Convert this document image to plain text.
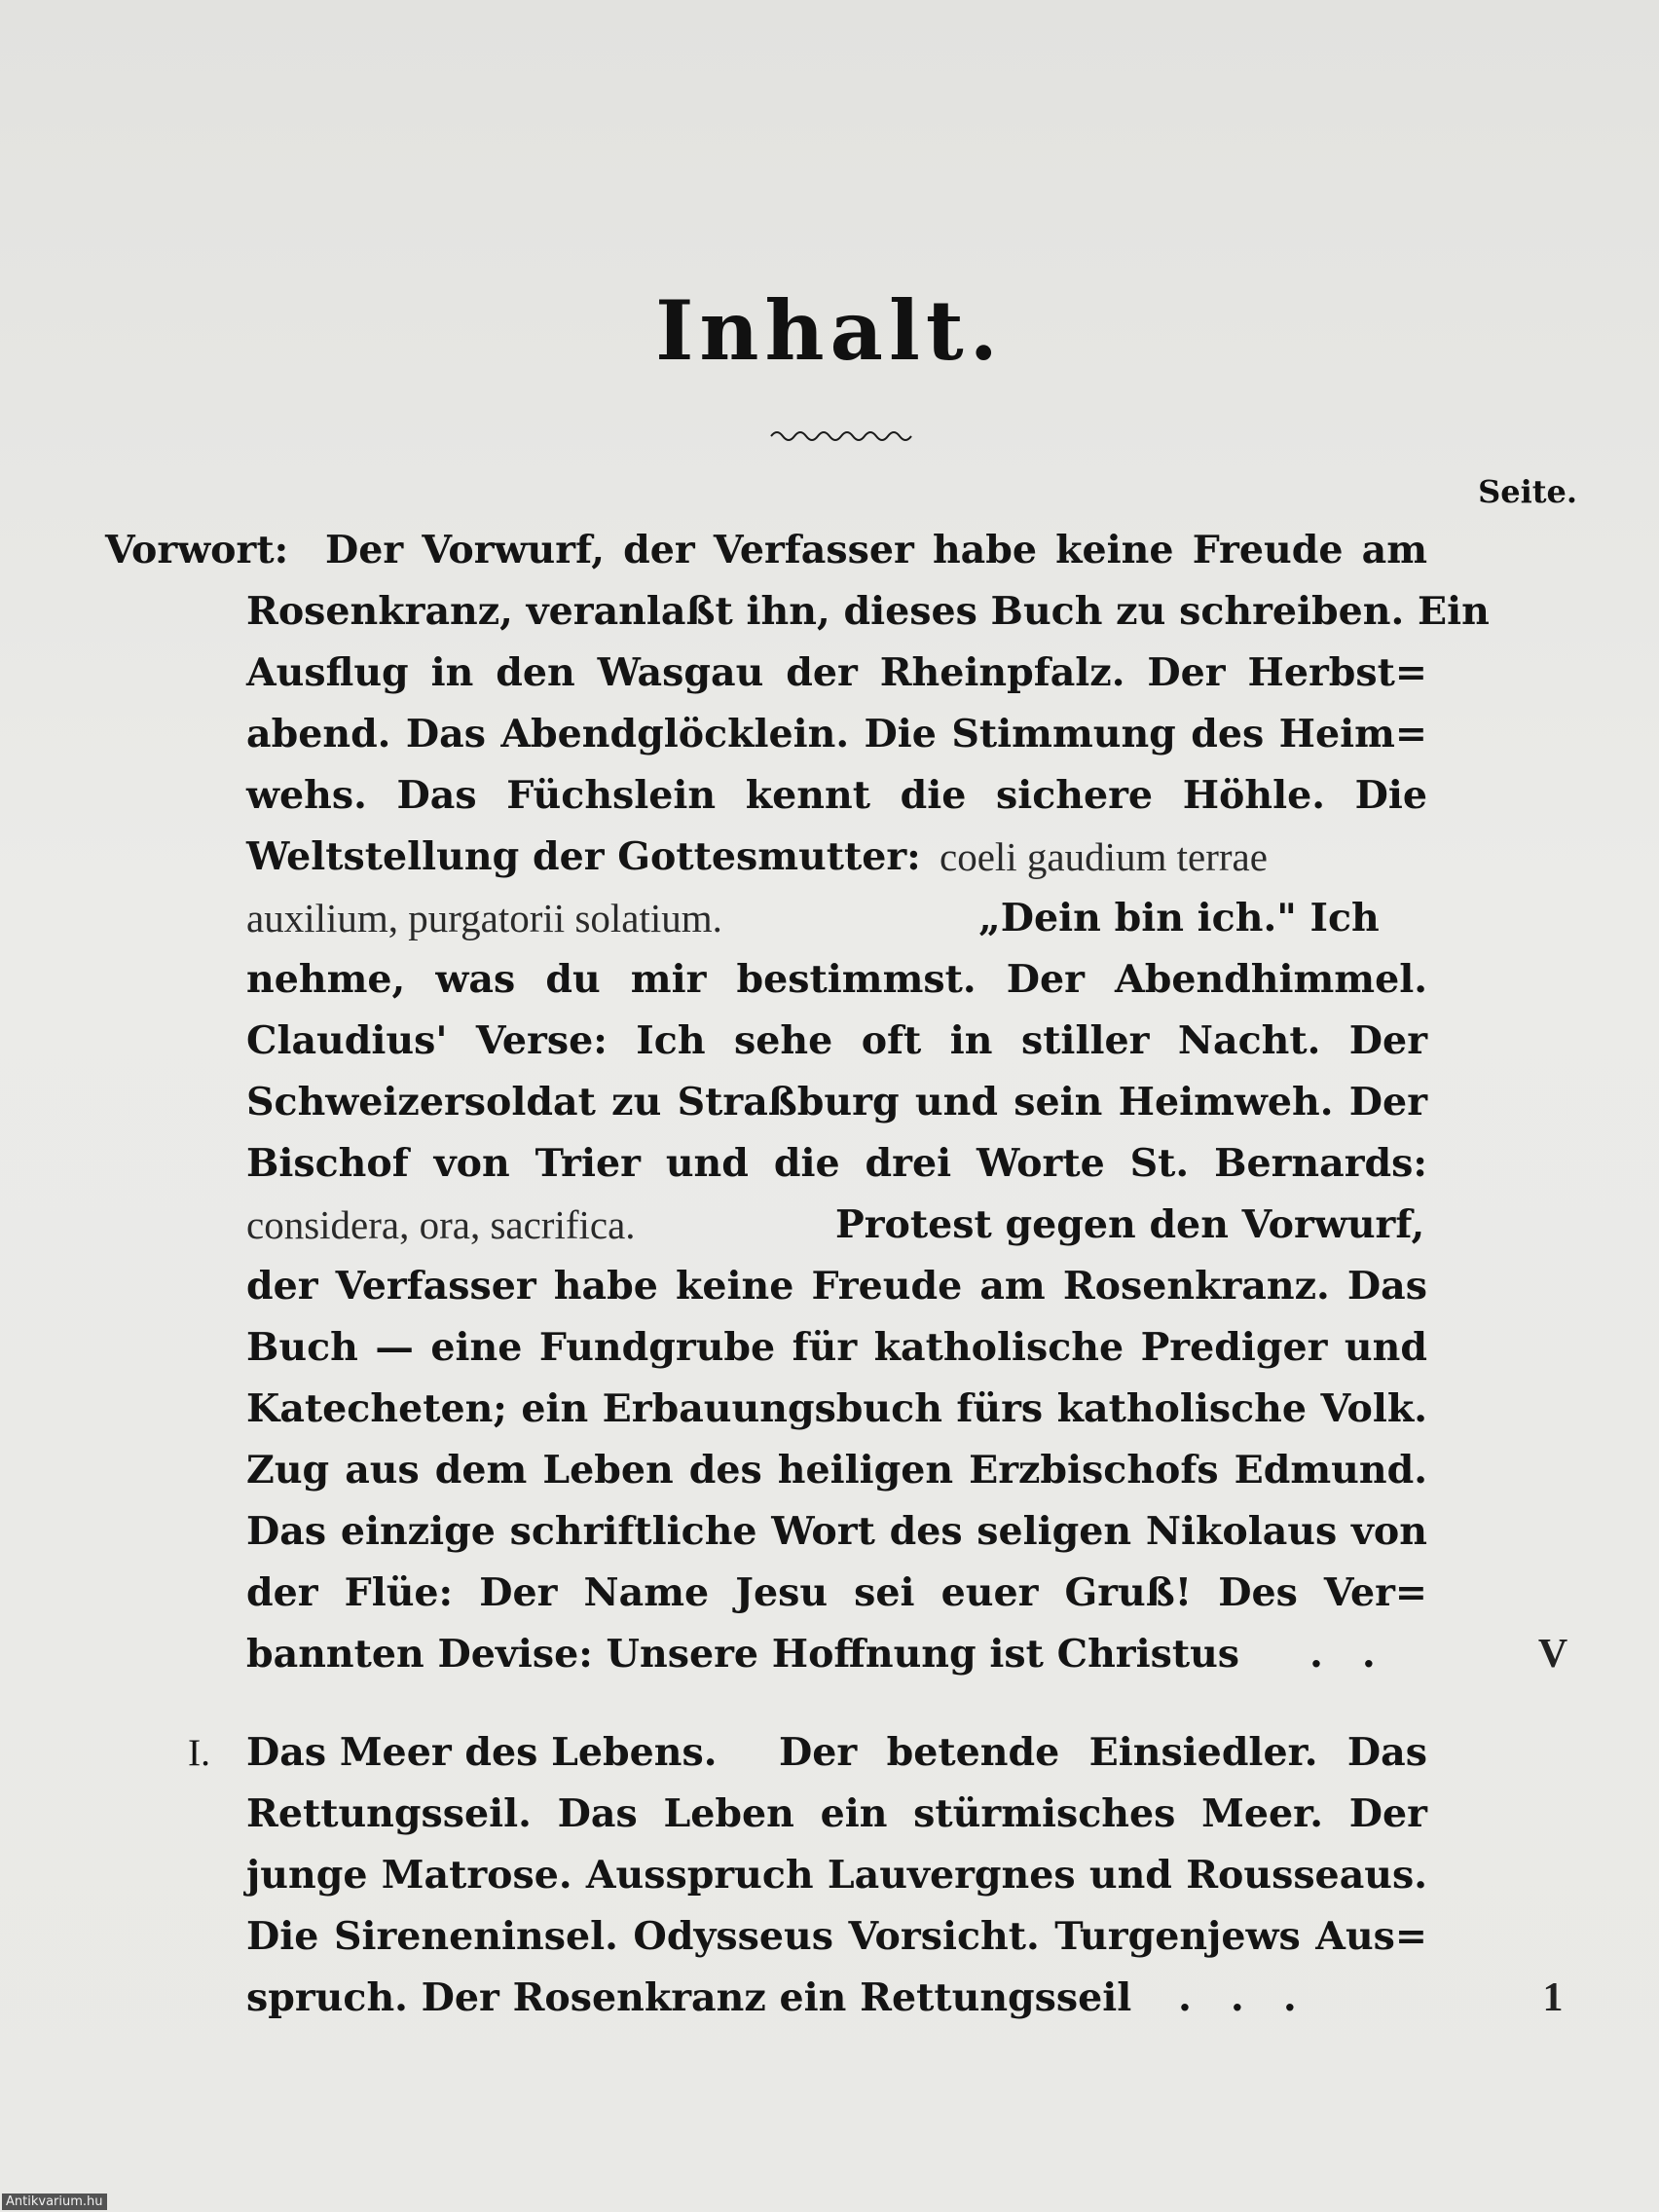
Inhalt.
Seite.
Vorwort: Der Vorwurf, der Verfasser habe keine Freude am
Rosenkranz, veranlaßt ihn, dieses Buch zu schreiben. Ein
Ausflug in den Wasgau der Rheinpfalz. Der Herbst=
abend. Das Abendglöcklein. Die Stimmung des Heim=
wehs. Das Füchslein kennt die sichere Höhle. Die
Weltstellung der Gottesmutter: coeli gaudium terrae
auxilium, purgatorii solatium.	„Dein bin ich." Ich
nehme, was du mir bestimmst. Der Abendhimmel.
Claudius' Verse: Ich sehe oft in stiller Nacht. Der
Schweizersoldat zu Straßburg und sein Heimweh. Der
Bischof von Trier und die drei Worte St. Bernards:
considera, ora, sacrifica.	Protest gegen den Vorwurf,
der Verfasser habe keine Freude am Rosenkranz. Das
Buch — eine Fundgrube für katholische Prediger und
Katecheten; ein Erbauungsbuch fürs katholische Volk.
Zug aus dem Leben des heiligen Erzbischofs Edmund.
Das einzige schriftliche Wort des seligen Nikolaus von
der Flüe: Der Name Jesu sei euer Gruß! Des Ver=
bannten Devise: Unsere Hoffnung ist Christus ..	V
I. Das Meer des Lebens. Der betende Einsiedler. Das
Rettungsseil. Das Leben ein stürmisches Meer. Der
junge Matrose. Ausspruch Lauvergnes und Rousseaus.
Die Sireneninsel. Odysseus Vorsicht. Turgenjews Aus=
spruch. Der Rosenkranz ein Rettungsseil ...	1
Antikvarium.hu
